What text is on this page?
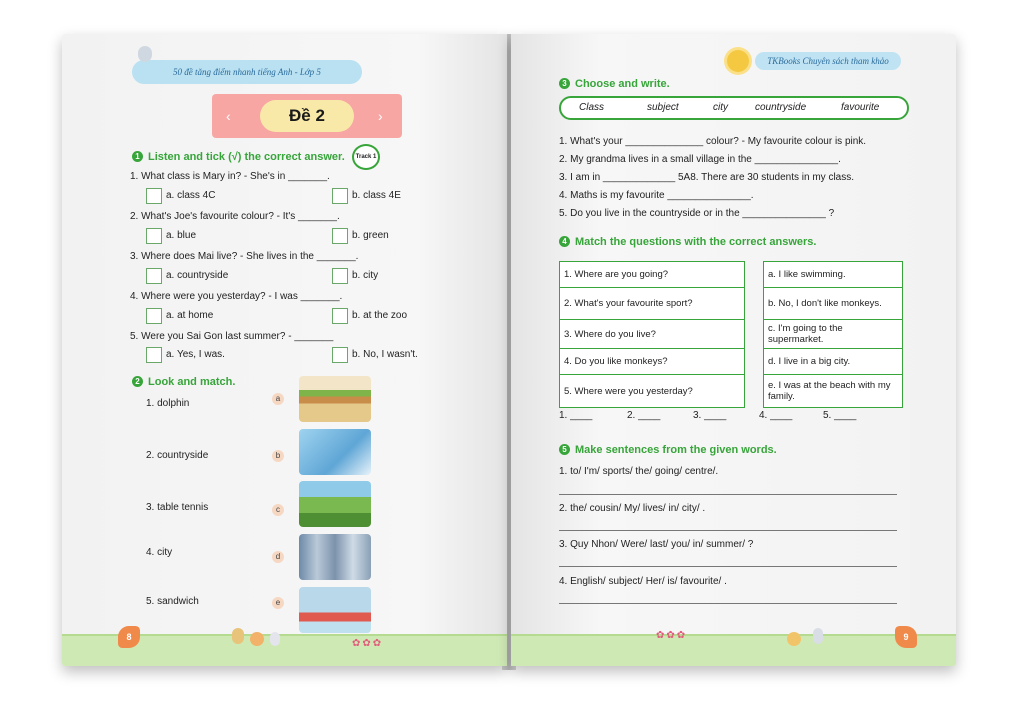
50 đề tăng điểm nhanh tiếng Anh - Lớp 5
‹	›
Đề 2
1 Listen and tick (√) the correct answer.	Track 1
1. What class is Mary in? - She's in _______.
a. class 4C	b. class 4E
2. What's Joe's favourite colour? - It's _______.
a. blue	b. green
3. Where does Mai live? - She lives in the _______.
a. countryside	b. city
4. Where were you yesterday? - I was _______.
a. at home	b. at the zoo
5. Were you Sai Gon last summer? - _______
a. Yes, I was.	b. No, I wasn't.
2 Look and match.
1. dolphin
2. countryside
3. table tennis
4. city
5. sandwich
a
b
c
d
e
8
✿✿✿
TKBooks Chuyên sách tham khảo
3 Choose and write.
Class	subject	city	countryside	favourite
1. What's your ______________ colour? - My favourite colour is pink.
2. My grandma lives in a small village in the _______________.
3. I am in _____________ 5A8. There are 30 students in my class.
4. Maths is my favourite _______________.
5. Do you live in the countryside or in the _______________ ?
4 Match the questions with the correct answers.
1. Where are you going?		a. I like swimming.
2. What's your favourite sport?		b. No, I don't like monkeys.
3. Where do you live?		c. I'm going to the supermarket.
4. Do you like monkeys?		d. I live in a big city.
5. Where were you yesterday?		e. I was at the beach with my family.
1. ____	2. ____	3. ____	4. ____	5. ____
5 Make sentences from the given words.
1. to/ I'm/ sports/ the/ going/ centre/.
2. the/ cousin/ My/ lives/ in/ city/ .
3. Quy Nhon/ Were/ last/ you/ in/ summer/ ?
4. English/ subject/ Her/ is/ favourite/ .
✿✿✿	9
